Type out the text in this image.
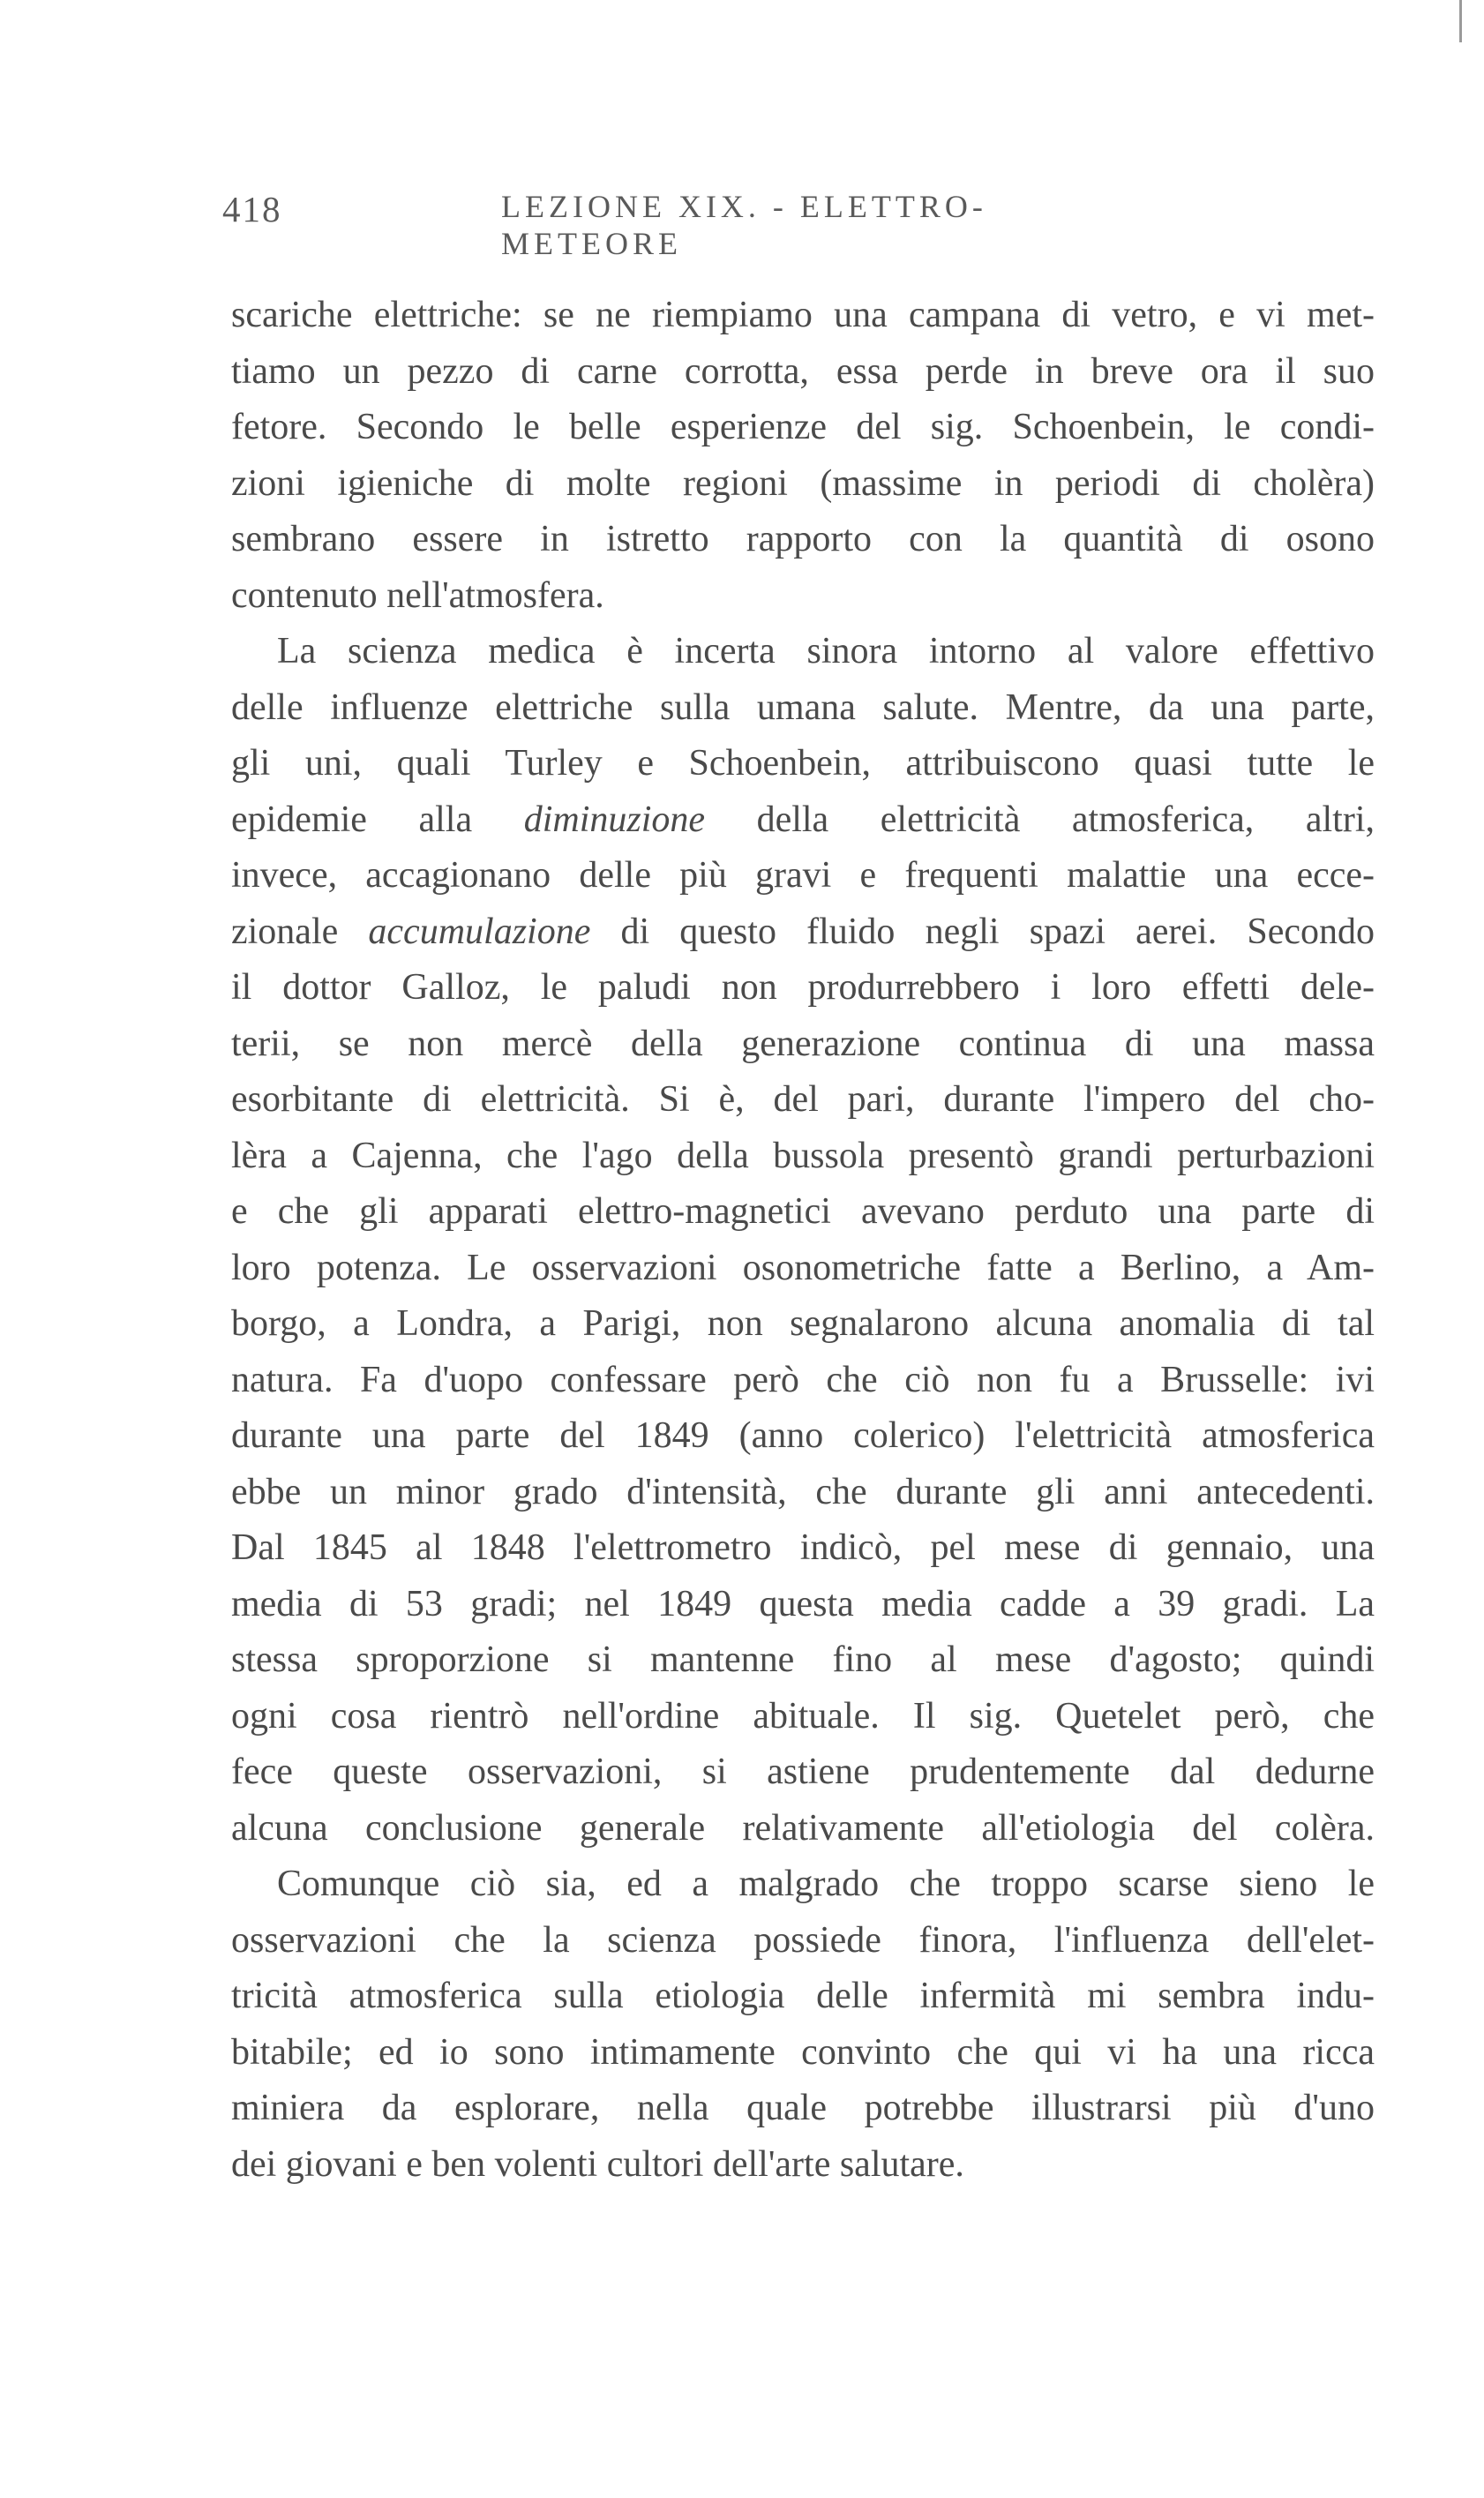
418	LEZIONE XIX. - ELETTRO-METEORE
scariche elettriche: se ne riempiamo una campana di vetro, e vi met-
tiamo un pezzo di carne corrotta, essa perde in breve ora il suo
fetore. Secondo le belle esperienze del sig. Schoenbein, le condi-
zioni igieniche di molte regioni (massime in periodi di cholèra)
sembrano essere in istretto rapporto con la quantità di osono
contenuto nell'atmosfera.
La scienza medica è incerta sinora intorno al valore effettivo
delle influenze elettriche sulla umana salute. Mentre, da una parte,
gli uni, quali Turley e Schoenbein, attribuiscono quasi tutte le
epidemie alla diminuzione della elettricità atmosferica, altri,
invece, accagionano delle più gravi e frequenti malattie una ecce-
zionale accumulazione di questo fluido negli spazi aerei. Secondo
il dottor Galloz, le paludi non produrrebbero i loro effetti dele-
terii, se non mercè della generazione continua di una massa
esorbitante di elettricità. Si è, del pari, durante l'impero del cho-
lèra a Cajenna, che l'ago della bussola presentò grandi perturbazioni
e che gli apparati elettro-magnetici avevano perduto una parte di
loro potenza. Le osservazioni osonometriche fatte a Berlino, a Am-
borgo, a Londra, a Parigi, non segnalarono alcuna anomalia di tal
natura. Fa d'uopo confessare però che ciò non fu a Brusselle: ivi
durante una parte del 1849 (anno colerico) l'elettricità atmosferica
ebbe un minor grado d'intensità, che durante gli anni antecedenti.
Dal 1845 al 1848 l'elettrometro indicò, pel mese di gennaio, una
media di 53 gradi; nel 1849 questa media cadde a 39 gradi. La
stessa sproporzione si mantenne fino al mese d'agosto; quindi
ogni cosa rientrò nell'ordine abituale. Il sig. Quetelet però, che
fece queste osservazioni, si astiene prudentemente dal dedurne
alcuna conclusione generale relativamente all'etiologia del colèra.
Comunque ciò sia, ed a malgrado che troppo scarse sieno le
osservazioni che la scienza possiede finora, l'influenza dell'elet-
tricità atmosferica sulla etiologia delle infermità mi sembra indu-
bitabile; ed io sono intimamente convinto che qui vi ha una ricca
miniera da esplorare, nella quale potrebbe illustrarsi più d'uno
dei giovani e ben volenti cultori dell'arte salutare.
